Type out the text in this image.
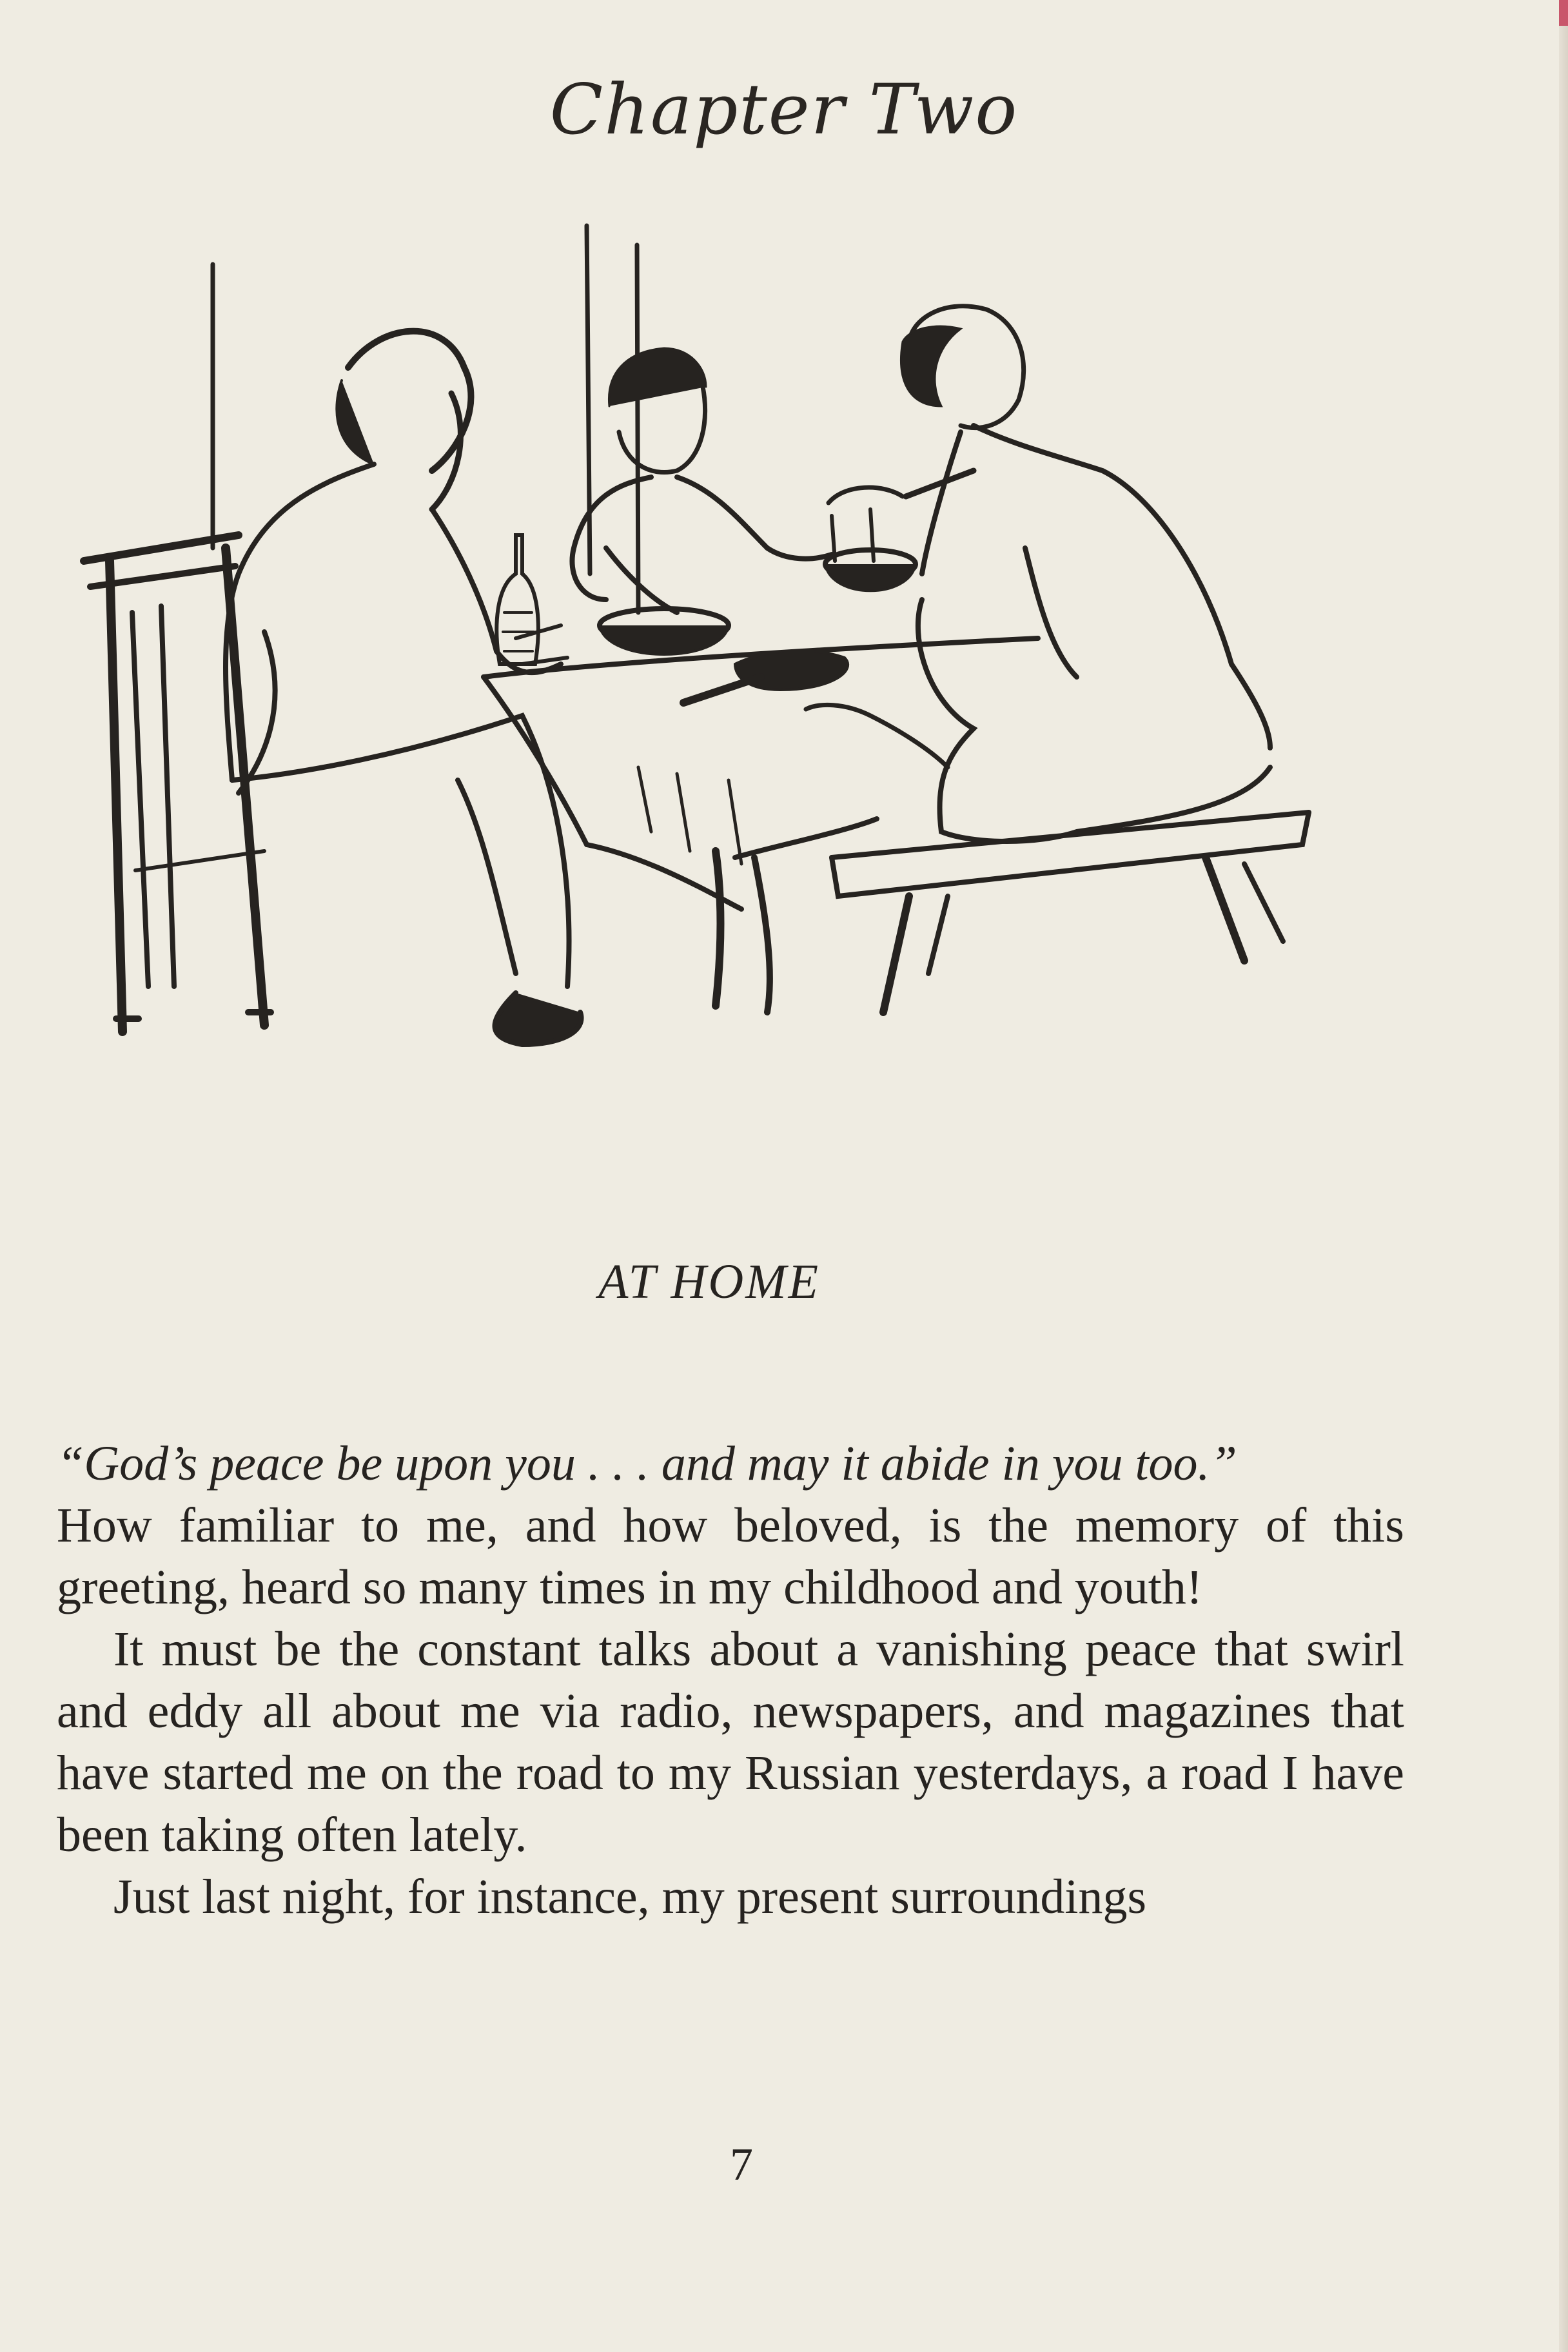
Chapter Two
AT HOME

“God’s peace be upon you . . . and may it abide in you too.”

How familiar to me, and how beloved, is the memory of this greeting, heard so many times in my childhood and youth!

It must be the constant talks about a vanishing peace that swirl and eddy all about me via radio, newspapers, and magazines that have started me on the road to my Russian yesterdays, a road I have been taking often lately.

Just last night, for instance, my present surroundings

7
